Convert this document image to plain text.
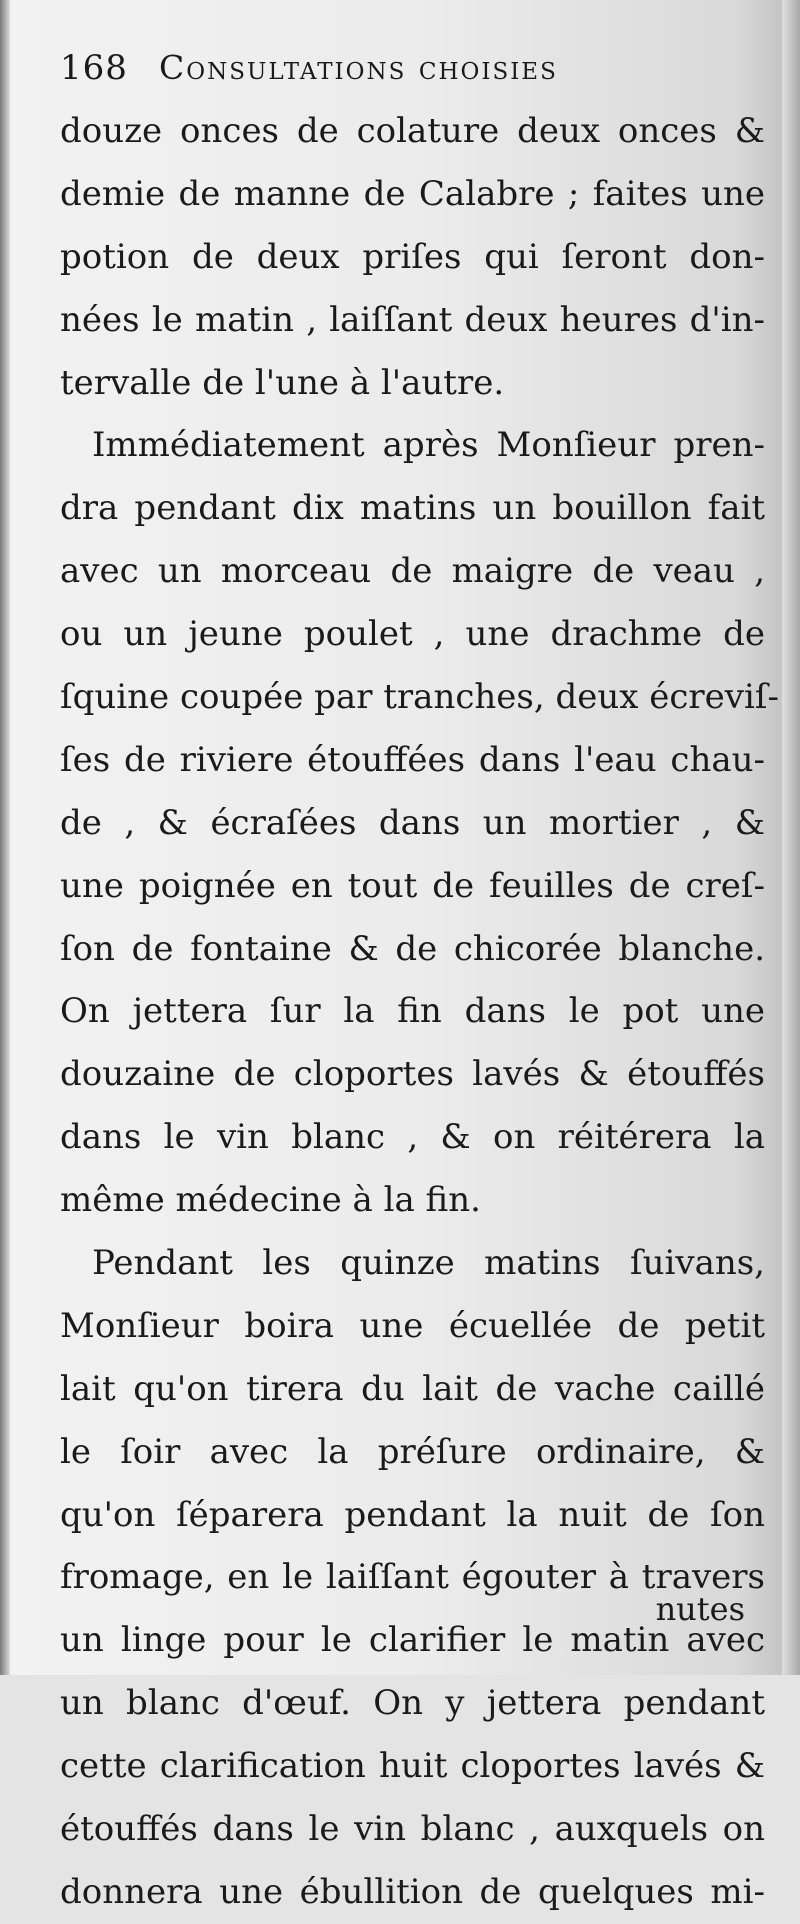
168 Consultations choisies
douze onces de colature deux onces &
demie de manne de Calabre ; faites une
potion de deux priſes qui ſeront don-
nées le matin , laiſſant deux heures d'in-
tervalle de l'une à l'autre.
Immédiatement après Monſieur pren-
dra pendant dix matins un bouillon fait
avec un morceau de maigre de veau ,
ou un jeune poulet , une drachme de
ſquine coupée par tranches, deux écreviſ-
ſes de riviere étouffées dans l'eau chau-
de , & écraſées dans un mortier , &
une poignée en tout de feuilles de creſ-
ſon de fontaine & de chicorée blanche.
On jettera ſur la fin dans le pot une
douzaine de cloportes lavés & étouffés
dans le vin blanc , & on réitérera la
même médecine à la fin.
Pendant les quinze matins ſuivans,
Monſieur boira une écuellée de petit
lait qu'on tirera du lait de vache caillé
le ſoir avec la préſure ordinaire, &
qu'on ſéparera pendant la nuit de ſon
fromage, en le laiſſant égouter à travers
un linge pour le clarifier le matin avec
un blanc d'œuf. On y jettera pendant
cette clarification huit cloportes lavés &
étouffés dans le vin blanc , auxquels on
donnera une ébullition de quelques mi-
nutes
